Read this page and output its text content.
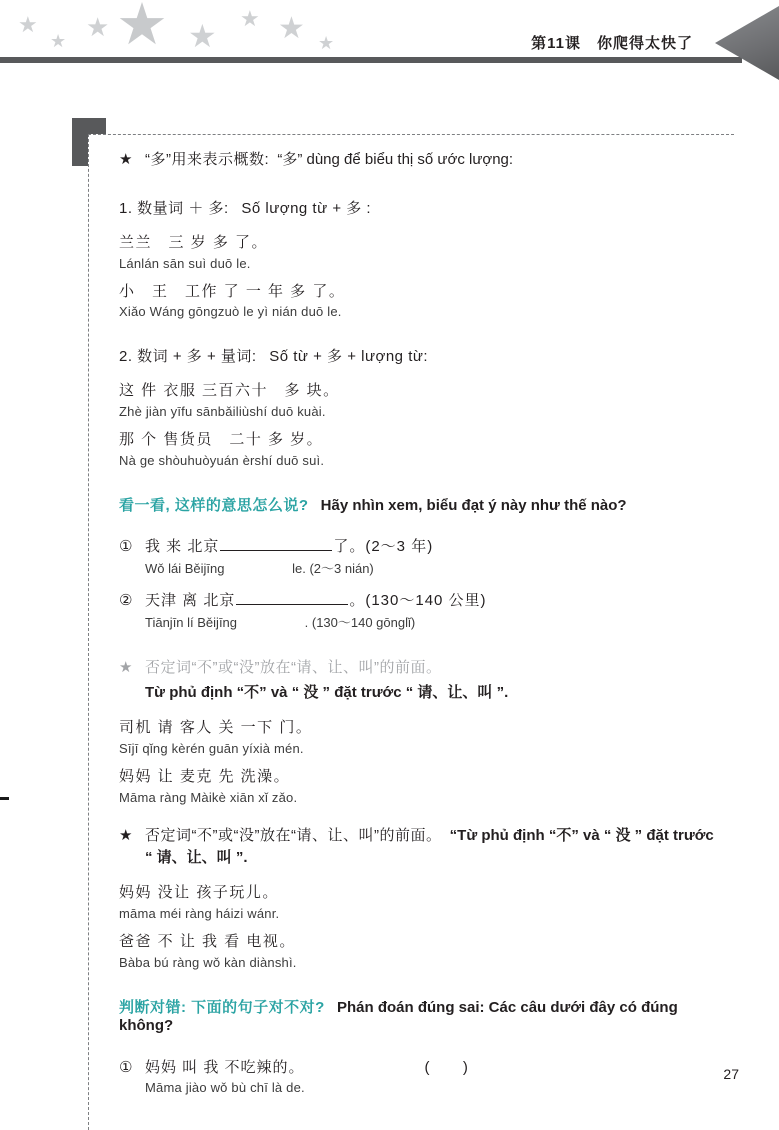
★
★ ★ ★ ★ ★ ★ ★	第11课　你爬得太快了
★ “多”用来表示概数: “多” dùng để biểu thị số ước lượng:
1. 数量词 ＋ 多: Số lượng từ + 多 :
兰兰　三 岁 多 了。
Lánlán sān suì duō le.
小　王　工作 了 一 年 多 了。
Xiǎo Wáng gōngzuò le yì nián duō le.
2. 数词 + 多 + 量词: Số từ + 多 + lượng từ:
这 件 衣服 三百六十　多 块。
Zhè jiàn yīfu sānbǎiliùshí duō kuài.
那 个 售货员　二十 多 岁。
Nà ge shòuhuòyuán èrshí duō suì.
看一看, 这样的意思怎么说? Hãy nhìn xem, biểu đạt ý này như thế nào?
① 我 来 北京	了。(2～3 年)
Wǒ lái Běijīng	le. (2～3 nián)
② 天津 离 北京	。(130～140 公里)
Tiānjīn lí Běijīng	. (130～140 gōnglǐ)
★ 否定词“不”或“没”放在“请、让、叫”的前面。
Từ phủ định “不” và “ 没 ” đặt trước “ 请、让、叫 ”.
司机 请 客人 关 一下 门。
Sījī qǐng kèrén guān yíxià mén.
妈妈 让 麦克 先 洗澡。
Māma ràng Màikè xiān xǐ zǎo.
★ 否定词“不”或“没”放在“请、让、叫”的前面。 “Từ phủ định “不” và “ 没 ” đặt trước “ 请、让、叫 ”.
妈妈 没让 孩子玩儿。
māma méi ràng háizi wánr.
爸爸 不 让 我 看 电视。
Bàba bú ràng wǒ kàn diànshì.
判断对错: 下面的句子对不对? Phán đoán đúng sai: Các câu dưới đây có đúng không?
① 妈妈 叫 我 不吃辣的。	(        )
Māma jiào wǒ bù chī là de.
27
